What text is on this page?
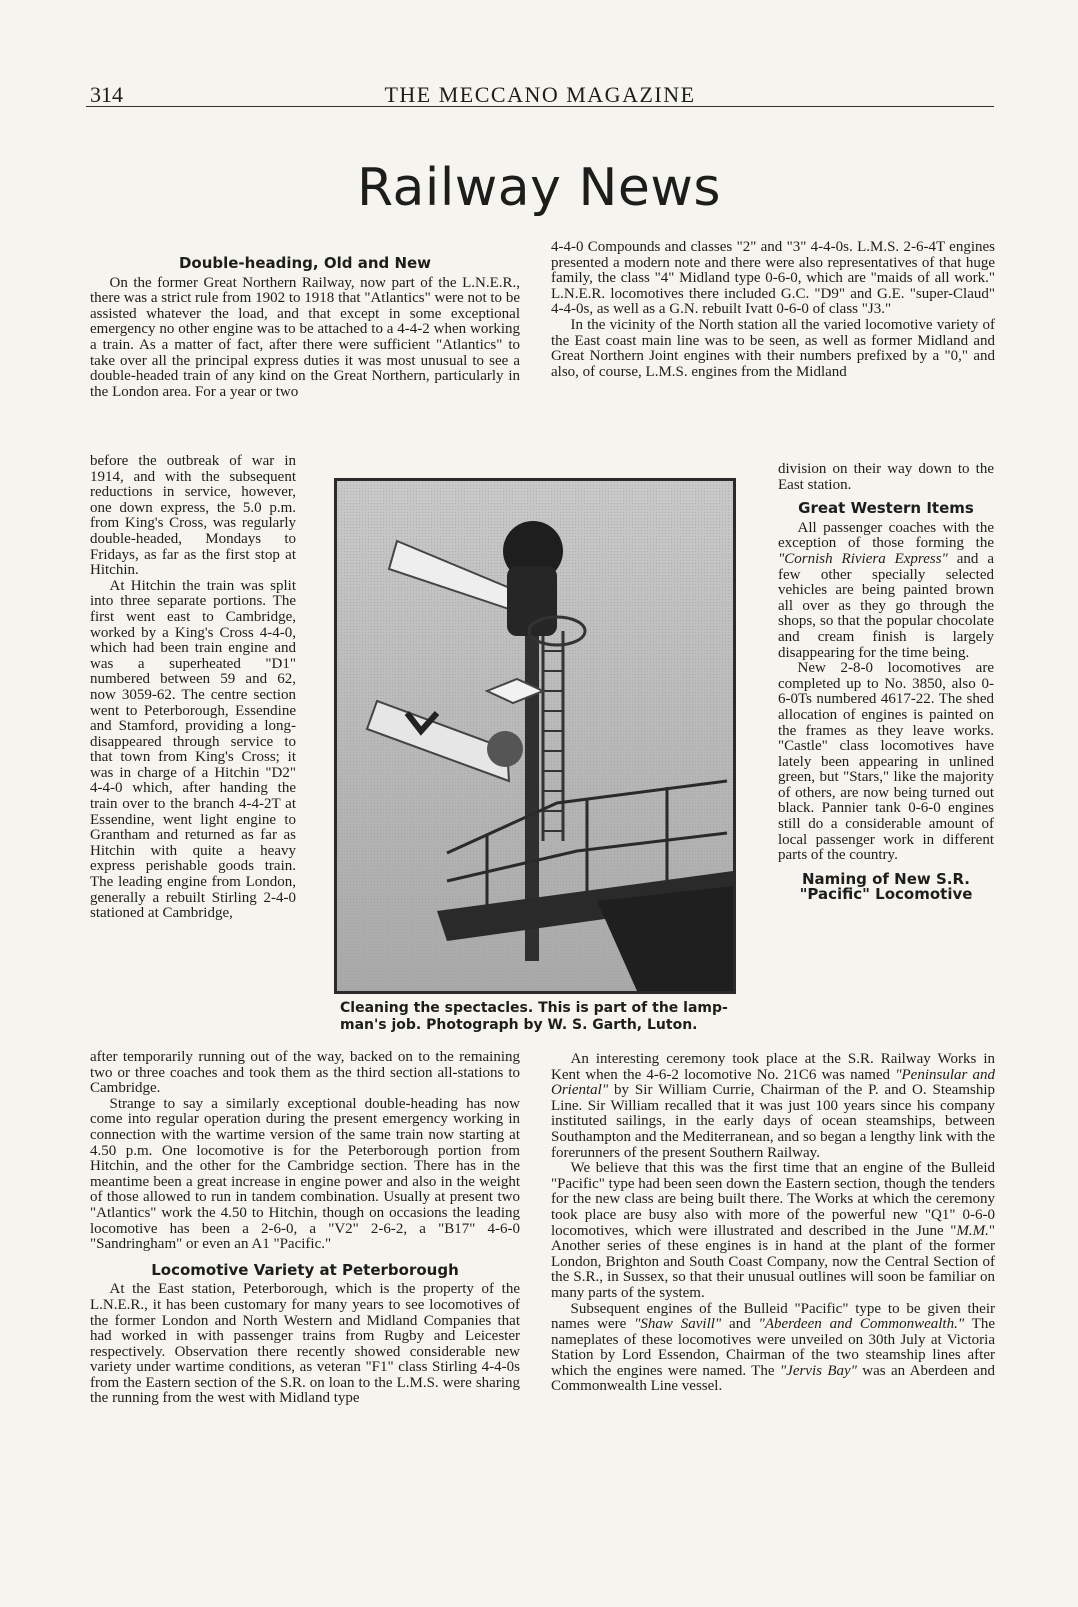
314	THE MECCANO MAGAZINE
Railway News
Double-heading, Old and New

On the former Great Northern Railway, now part of the L.N.E.R., there was a strict rule from 1902 to 1918 that "Atlantics" were not to be assisted whatever the load, and that except in some exceptional emergency no other engine was to be attached to a 4-4-2 when working a train. As a matter of fact, after there were sufficient "Atlantics" to take over all the principal express duties it was most unusual to see a double-headed train of any kind on the Great Northern, particularly in the London area. For a year or two

before the outbreak of war in 1914, and with the subsequent reductions in service, however, one down express, the 5.0 p.m. from King's Cross, was regularly double-headed, Mondays to Fridays, as far as the first stop at Hitchin.

At Hitchin the train was split into three separate portions. The first went east to Cambridge, worked by a King's Cross 4-4-0, which had been train engine and was a superheated "D1" numbered between 59 and 62, now 3059-62. The centre section went to Peterborough, Essendine and Stamford, providing a long-disappeared through service to that town from King's Cross; it was in charge of a Hitchin "D2" 4-4-0 which, after handing the train over to the branch 4-4-2T at Essendine, went light engine to Grantham and returned as far as Hitchin with quite a heavy express perishable goods train. The leading engine from London, generally a rebuilt Stirling 2-4-0 stationed at Cambridge,

after temporarily running out of the way, backed on to the remaining two or three coaches and took them as the third section all-stations to Cambridge.

Strange to say a similarly exceptional double-heading has now come into regular operation during the present emergency working in connection with the wartime version of the same train now starting at 4.50 p.m. One locomotive is for the Peterborough portion from Hitchin, and the other for the Cambridge section. There has in the meantime been a great increase in engine power and also in the weight of those allowed to run in tandem combination. Usually at present two "Atlantics" work the 4.50 to Hitchin, though on occasions the leading locomotive has been a 2-6-0, a "V2" 2-6-2, a "B17" 4-6-0 "Sandringham" or even an A1 "Pacific."

Locomotive Variety at Peterborough

At the East station, Peterborough, which is the property of the L.N.E.R., it has been customary for many years to see locomotives of the former London and North Western and Midland Companies that had worked in with passenger trains from Rugby and Leicester respectively. Observation there recently showed considerable new variety under wartime conditions, as veteran "F1" class Stirling 4-4-0s from the Eastern section of the S.R. on loan to the L.M.S. were sharing the running from the west with Midland type

Cleaning the spectacles. This is part of the lamp-man's job. Photograph by W. S. Garth, Luton.

4-4-0 Compounds and classes "2" and "3" 4-4-0s. L.M.S. 2-6-4T engines presented a modern note and there were also representatives of that huge family, the class "4" Midland type 0-6-0, which are "maids of all work." L.N.E.R. locomotives there included G.C. "D9" and G.E. "super-Claud" 4-4-0s, as well as a G.N. rebuilt Ivatt 0-6-0 of class "J3."

In the vicinity of the North station all the varied locomotive variety of the East coast main line was to be seen, as well as former Midland and Great Northern Joint engines with their numbers prefixed by a "0," and also, of course, L.M.S. engines from the Midland

division on their way down to the East station.

Great Western Items

All passenger coaches with the exception of those forming the "Cornish Riviera Express" and a few other specially selected vehicles are being painted brown all over as they go through the shops, so that the popular chocolate and cream finish is largely disappearing for the time being.

New 2-8-0 locomotives are completed up to No. 3850, also 0-6-0Ts numbered 4617-22. The shed allocation of engines is painted on the frames as they leave works. "Castle" class locomotives have lately been appearing in unlined green, but "Stars," like the majority of others, are now being turned out black. Pannier tank 0-6-0 engines still do a considerable amount of local passenger work in different parts of the country.

Naming of New S.R. "Pacific" Locomotive

An interesting ceremony took place at the S.R. Railway Works in Kent when the 4-6-2 locomotive No. 21C6 was named "Peninsular and Oriental" by Sir William Currie, Chairman of the P. and O. Steamship Line. Sir William recalled that it was just 100 years since his company instituted sailings, in the early days of ocean steamships, between Southampton and the Mediterranean, and so began a lengthy link with the forerunners of the present Southern Railway.

We believe that this was the first time that an engine of the Bulleid "Pacific" type had been seen down the Eastern section, though the tenders for the new class are being built there. The Works at which the ceremony took place are busy also with more of the powerful new "Q1" 0-6-0 locomotives, which were illustrated and described in the June "M.M." Another series of these engines is in hand at the plant of the former London, Brighton and South Coast Company, now the Central Section of the S.R., in Sussex, so that their unusual outlines will soon be familiar on many parts of the system.

Subsequent engines of the Bulleid "Pacific" type to be given their names were "Shaw Savill" and "Aberdeen and Commonwealth." The nameplates of these locomotives were unveiled on 30th July at Victoria Station by Lord Essendon, Chairman of the two steamship lines after which the engines were named. The "Jervis Bay" was an Aberdeen and Commonwealth Line vessel.
